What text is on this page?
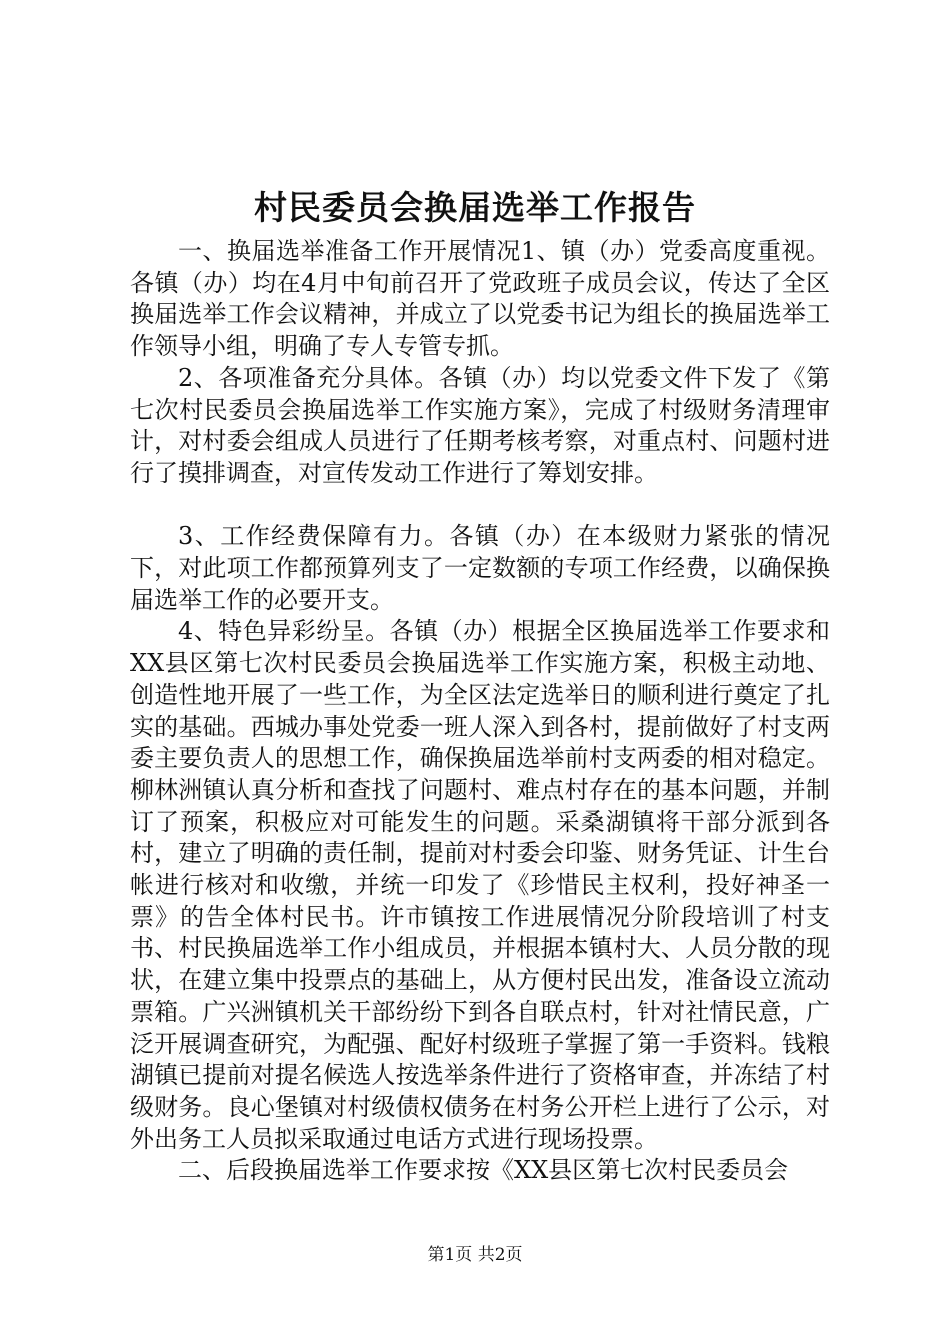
村民委员会换届选举工作报告

一、换届选举准备工作开展情况1、镇（办）党委高度重视。各镇（办）均在4月中旬前召开了党政班子成员会议，传达了全区换届选举工作会议精神，并成立了以党委书记为组长的换届选举工作领导小组，明确了专人专管专抓。

2、各项准备充分具体。各镇（办）均以党委文件下发了《第七次村民委员会换届选举工作实施方案》，完成了村级财务清理审计，对村委会组成人员进行了任期考核考察，对重点村、问题村进行了摸排调查，对宣传发动工作进行了筹划安排。

3、工作经费保障有力。各镇（办）在本级财力紧张的情况下，对此项工作都预算列支了一定数额的专项工作经费，以确保换届选举工作的必要开支。

4、特色异彩纷呈。各镇（办）根据全区换届选举工作要求和XX县区第七次村民委员会换届选举工作实施方案，积极主动地、创造性地开展了一些工作，为全区法定选举日的顺利进行奠定了扎实的基础。西城办事处党委一班人深入到各村，提前做好了村支两委主要负责人的思想工作，确保换届选举前村支两委的相对稳定。柳林洲镇认真分析和查找了问题村、难点村存在的基本问题，并制订了预案，积极应对可能发生的问题。采桑湖镇将干部分派到各村，建立了明确的责任制，提前对村委会印鉴、财务凭证、计生台帐进行核对和收缴，并统一印发了《珍惜民主权利，投好神圣一票》的告全体村民书。许市镇按工作进展情况分阶段培训了村支书、村民换届选举工作小组成员，并根据本镇村大、人员分散的现状，在建立集中投票点的基础上，从方便村民出发，准备设立流动票箱。广兴洲镇机关干部纷纷下到各自联点村，针对社情民意，广泛开展调查研究，为配强、配好村级班子掌握了第一手资料。钱粮湖镇已提前对提名候选人按选举条件进行了资格审查，并冻结了村级财务。良心堡镇对村级债权债务在村务公开栏上进行了公示，对外出务工人员拟采取通过电话方式进行现场投票。

二、后段换届选举工作要求按《XX县区第七次村民委员会

第1页 共2页
